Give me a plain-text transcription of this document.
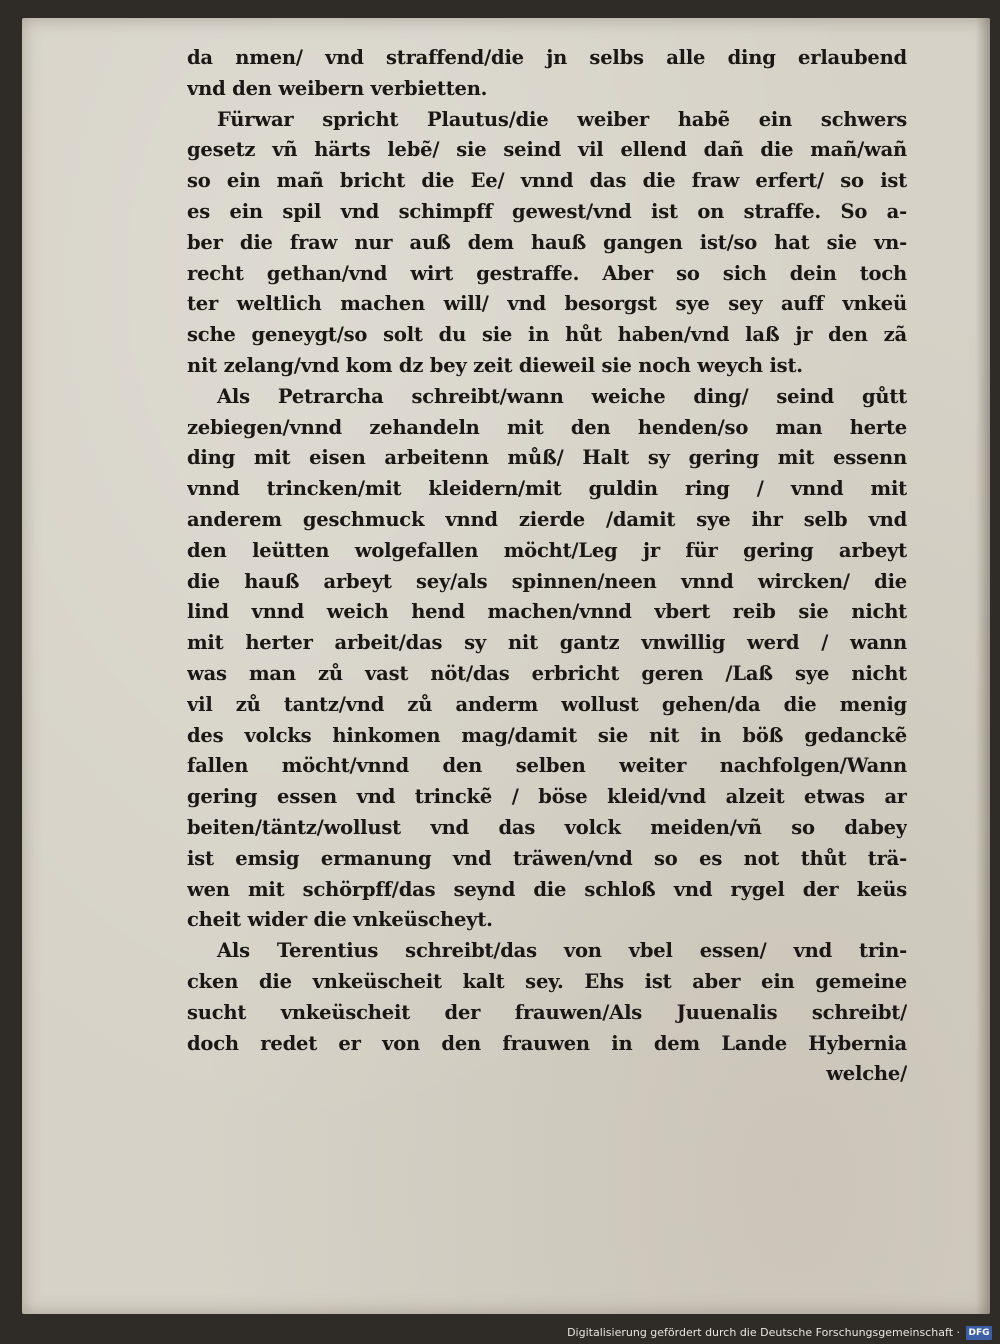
da nmen/ vnd straffend/die jn selbs alle ding erlaubend
vnd den weibern verbietten.
Fürwar spricht Plautus/die weiber habẽ ein schwers
gesetz vñ härts lebẽ/ sie seind vil ellend dañ die mañ/wañ
so ein mañ bricht die Ee/ vnnd das die fraw erfert/ so ist
es ein spil vnd schimpff gewest/vnd ist on straffe. So a-
ber die fraw nur auß dem hauß gangen ist/so hat sie vn-
recht gethan/vnd wirt gestraffe. Aber so sich dein toch
ter weltlich machen will/ vnd besorgst sye sey auff vnkeü
sche geneygt/so solt du sie in hůt haben/vnd laß jr den zã
nit zelang/vnd kom dz bey zeit dieweil sie noch weych ist.
Als Petrarcha schreibt/wann weiche ding/ seind gůtt
zebiegen/vnnd zehandeln mit den henden/so man herte
ding mit eisen arbeitenn můß/ Halt sy gering mit essenn
vnnd trincken/mit kleidern/mit guldin ring / vnnd mit
anderem geschmuck vnnd zierde /damit sye ihr selb vnd
den leütten wolgefallen möcht/Leg jr für gering arbeyt
die hauß arbeyt sey/als spinnen/neen vnnd wircken/ die
lind vnnd weich hend machen/vnnd vbert reib sie nicht
mit herter arbeit/das sy nit gantz vnwillig werd / wann
was man zů vast nöt/das erbricht geren /Laß sye nicht
vil zů tantz/vnd zů anderm wollust gehen/da die menig
des volcks hinkomen mag/damit sie nit in böß gedanckẽ
fallen möcht/vnnd den selben weiter nachfolgen/Wann
gering essen vnd trinckẽ / böse kleid/vnd alzeit etwas ar
beiten/täntz/wollust vnd das volck meiden/vñ so dabey
ist emsig ermanung vnd träwen/vnd so es not thůt trä-
wen mit schörpff/das seynd die schloß vnd rygel der keüs
cheit wider die vnkeüscheyt.
Als Terentius schreibt/das von vbel essen/ vnd trin-
cken die vnkeüscheit kalt sey. Ehs ist aber ein gemeine
sucht vnkeüscheit der frauwen/Als Juuenalis schreibt/
doch redet er von den frauwen in dem Lande Hybernia
welche/
Digitalisierung gefördert durch die Deutsche Forschungsgemeinschaft · DFG
